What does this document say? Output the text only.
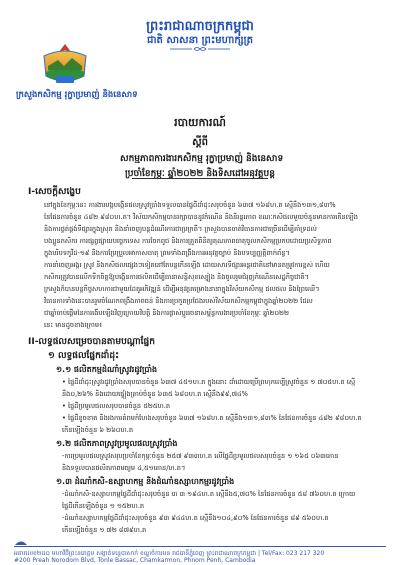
ព្រះរាជាណាចក្រកម្ពុជា
ជាតិ សាសនា ព្រះមហាក្សត្រ
ក្រសួងកសិកម្ម រុក្ខាប្រមាញ់ និងនេសាទ
របាយការណ៍
ស្តីពី
សកម្មភាពការងារកសិកម្ម រុក្ខាប្រមាញ់ និងនេសាទ
ប្រចាំខែកុម្ភៈ ឆ្នាំ២០២២ និងទិសដៅអនុវត្តបន្ត
I-សេចក្តីសង្ខេប
នៅក្នុងខែកុម្ភៈនេះ ការងារបង្កបង្កើនផលស្រូវប្រាំងទទួលបានផ្ទៃដីដាំដុះសរុបចំនួន ៦៣៧ ១៦៨ហ.ត ស្មើនឹង១៣១,៨៣%
នៃផែនការចំនួន ៤៨២ ៩៨០ហ.ត។ វិស័យកសិកម្មបានរក្សាបាននូវកំណើន និងនិរន្តរភាព ខណៈកសិផលមួយចំនួនមានការកើនឡើង
និងការផ្គត់ផ្គង់ទីផ្សារក្នុងស្រុក និងនាំចេញបន្តដំណើរការជាប្រក្រតី។ ក្រសួងបានចាត់វិធានការជាច្រើនដើម្បីគាំទ្រដល់
បងប្អូនកសិករ ការផ្សព្វផ្សាយបច្ចេកទេស ការចែកពូជ និងការត្រួតពិនិត្យគុណភាពធាតុចូលកសិកម្មប្រកបដោយប្រសិទ្ធភាព
ក្នុងបរិបទកូវីដ-១៩ និងការប្រែប្រួលអាកាសធាតុ ព្រមទាំងពង្រឹងការអនុវត្តច្បាប់ និងបទប្បញ្ញត្តិពាក់ព័ន្ធ។
ការនាំចេញអង្ករ ស្រូវ និងកសិផលផ្សេងៗទៀតនៅតែបន្តកើនឡើង ដោយសារទីផ្សារអន្តរជាតិនៅមានតម្រូវការខ្ពស់ ហើយ
កសិករត្រូវបានលើកទឹកចិត្តឱ្យបង្កើនការផលិតដើម្បីធានាសន្តិសុខស្បៀង និងចូលរួមជំរុញកំណើនសេដ្ឋកិច្ចជាតិ។
ក្រសួងក៏បានបន្តកិច្ចសហការជាមួយដៃគូអភិវឌ្ឍន៍ ដើម្បីអនុវត្តគម្រោងនានាក្នុងវិស័យកសិកម្ម ជលផល និងព្រៃឈើ។
វិធានការទាំងនេះបានរួមចំណែកពង្រឹងភាពធន់ និងការប្រកួតប្រជែងរបស់វិស័យកសិកម្មកម្ពុជាក្នុងឆ្នាំ២០២២ ដែល
ជាឆ្នាំចាប់ផ្តើមនៃការងើបឡើងវិញក្រោយវិបត្តិ និងការផ្លាស់ប្តូររចនាសម្ព័ន្ធការងារប្រចាំខែកុម្ភៈ ឆ្នាំ២០២២
នេះ មានដូចខាងក្រោម៖
II-លទ្ធផលសម្រេចបានតាមបណ្តាផ្នែក
១ លទ្ធផលផ្នែកដាំដុះ
១.១ ផលិតកម្មដំណាំស្រូវរដូវប្រាំង
• ផ្ទៃដីដាំដុះស្រូវរដូវប្រាំងសរុបបានចំនួន ៦៣៧ ៤៥១ហ.ត ក្នុងនោះ ដាំដោយប្រើព្រហុកល្បើស្រូវចំនួន ១ ៧០៥ហ.ត ស្មើ
នឹង០,២៦% និងដោយផ្ទៀងគ្រាប់ចំនួន ៦៣៥ ៦៨០ហ.ត ស្មើនឹង៩៩,៧៤%
• ផ្ទៃដីប្រមូលផលសរុបបានចំនួន ៥២៥ហ.ត
• ផ្ទៃដីខូចខាត និងរងការគំរាមកំហែងសរុបចំនួន ៦៣៧ ១៦៨ហ.ត ស្មើនឹង១៣១,៨៣% នៃផែនការចំនួន ៤៨២ ៩៨០ហ.ត
កើនឡើងចំនួន ៦ ២៦០ហ.ត
១.២ ផលិតភាពស្រូវប្រមូលផលស្រូវប្រាំង
-ការប្រមូលផលស្រូវសរុបប្រចាំខែកុម្ភៈចំនួន ២៥៧ ៩៣៣ហ.ត លើផ្ទៃដីប្រមូលផលសរុបចំនួន ១ ១៦៥ ០៦៣តោន
និងទទួលបានផលិតភាពមធ្យម ៤,៥១តោន/ហ.ត។
១.៣ ដំណាំកសិ-ឧស្សាហកម្ម និងដំណាំឧស្សាហកម្មរដូវប្រាំង
-ដំណាំកសិ-ឧស្សាហកម្មផ្ទៃដីដាំដុះសរុបចំនួន ៣ ៣ ១៩៤ហ.ត ស្មើនឹង៥,៧០% នៃផែនការចំនួន ៥៨ ៧៦០ហ.ត ក្រោយ
ផ្ទៃដីកើនឡើងចំនួន ១ ១៥២ហ.ត
-ដំណាំឧស្សាហកម្មផ្ទៃដីដាំដុះសរុបចំនួន ៩៣ ៩៤៤ហ.ត ស្មើនឹង១០៤,៩០% នៃផែនការចំនួន ៨៩ ៥៦០ហ.ត
កើនឡើងចំនួន ១ ៧២ ៨៧៩ហ.ត
អគារលេខ២០០ មហាវិថីព្រះនរោត្តម សង្កាត់ទន្លេបាសាក់ ខណ្ឌចំការមន រាជធានីភ្នំពេញ ព្រះរាជាណាចក្រកម្ពុជា | Tel/Fax: 023 217 320
#200 Preah Norodom Blvd, Tonle Bassac, Chamkarmon, Phnom Penh, Cambodia
